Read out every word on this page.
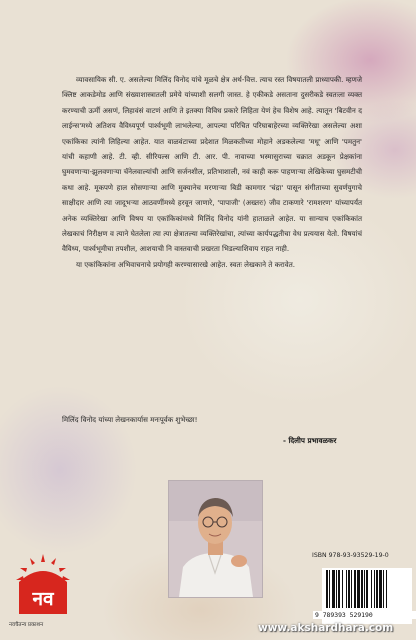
व्यावसायिक सी. ए. असलेल्या मिलिंद विनोद यांचे मूळचे क्षेत्र अर्थ-वित्त. त्याच रस्त विषयातली प्राध्यापकी. म्हणजे क्लिष्ट आकडेमोड आणि संख्याशास्त्रातली प्रमेये यांच्याशी सलगी जास्त. हे एकीकडे असताना दुसरीकडे स्वतःला व्यक्त करण्याची ऊर्मी असणं, लिहावंसं वाटणं आणि ते इतक्या विविध प्रकारे लिहिता येणं हेच विशेष आहे. त्यातून 'बिटवीन द लाईन्स'मध्ये अतिशय वैविध्यपूर्ण पार्श्वभूमी लाभलेल्या, आपल्या परिचित परिघाबाहेरच्या व्यक्तिरेखा असलेल्या अशा एकांकिका त्यांनी लिहिल्या आहेत. यात वाळवंटाच्या प्रदेशात मिळकतीच्या मोहाने अडकलेल्या 'मधू' आणि 'पमतुन' यांची कहाणी आहे. टी. व्ही. सीरियल्स आणि टी. आर. पी. नावाच्या भस्मासुराच्या चक्रात अडकून प्रेक्षकांना घुमवणाऱ्या-झुलवणाऱ्या चॅनेलवाल्यांची आणि सर्जनशील, प्रतिभाशाली, नवं काही करू पाहणाऱ्या लेखिकेच्या घुसमटीची कथा आहे. मूकपणे हाल सोसणाऱ्या आणि मुक्यानेच मरणाऱ्या बिडी कामगार 'चंद्रा' पासून संगीताच्या सुवर्णयुगाचे साक्षीदार आणि त्या जादूभऱ्या आठवणींमध्ये हरवून जाणारे, 'पापाजी' (अख्तरः) जीव टाकणारे 'रामशरण' यांच्यापर्यंत अनेक व्यक्तिरेखा आणि विषय या एकांकिकांमध्ये मिलिंद विनोद यांनी हाताळले आहेत. या सान्याच एकांकिकांत लेखकाचं निरीक्षण व त्याने घेतलेला त्या त्या क्षेत्रातल्या व्यक्तिरेखांचा, त्यांच्या कार्यपद्धतीचा वेध प्रत्ययास येतो. विषयांचं वैविध्य, पार्श्वभूमीचा तपशील, आशयाची नि वास्तवाची प्रखरता भिडल्याशिवाय राहत नाही.

या एकांकिकांना अभिवाचनाचे प्रयोगही करण्यासारखे आहेत. स्वतः लेखकाने ते करावेत.

मिलिंद विनोद यांच्या लेखनकार्यास मनःपूर्वक शुभेच्छा!
- दिलीप प्रभावळकर
नव
नवचैतन्य प्रकाशन
ISBN 978-93-93529-19-0
9 789393 529190
www.akshardhara.com
